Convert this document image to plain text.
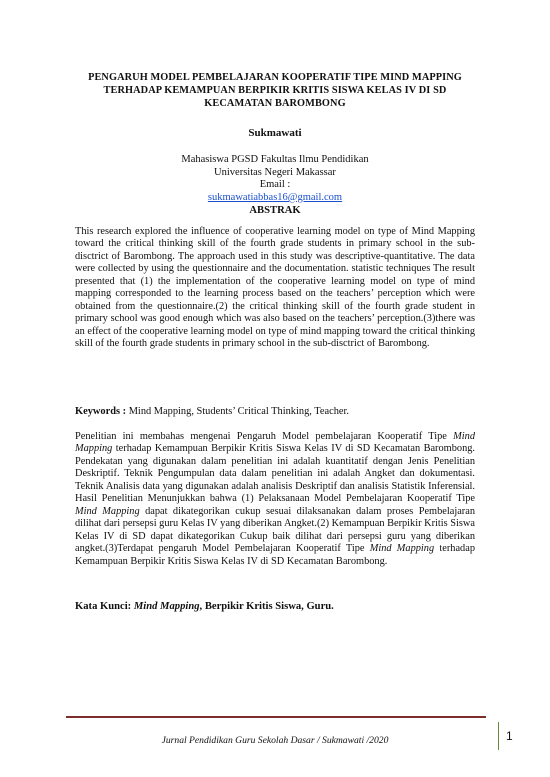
PENGARUH MODEL PEMBELAJARAN KOOPERATIF TIPE MIND MAPPING
TERHADAP KEMAMPUAN BERPIKIR KRITIS SISWA KELAS IV DI SD
KECAMATAN BAROMBONG
Sukmawati
Mahasiswa PGSD Fakultas Ilmu Pendidikan
Universitas Negeri Makassar
Email :
sukmawatiabbas16@gmail.com
ABSTRAK
This research explored the influence of cooperative learning model on type of Mind Mapping toward the critical thinking skill of the fourth grade students in primary school in the sub-disctrict of Barombong. The approach used in this study was descriptive-quantitative. The data were collected by using the questionnaire and the documentation. statistic techniques The result presented that (1) the implementation of the cooperative learning model on type of mind mapping corresponded to the learning process based on the teachers’ perception which were obtained from the questionnaire.(2) the critical thinking skill of the fourth grade student in primary school was good enough which was also based on the teachers’ perception.(3)there was an effect of the cooperative learning model on type of mind mapping toward the critical thinking skill of the fourth grade students in primary school in the sub-disctrict of Barombong.
Keywords : Mind Mapping, Students’ Critical Thinking, Teacher.
Penelitian ini membahas mengenai Pengaruh Model pembelajaran Kooperatif Tipe Mind Mapping terhadap Kemampuan Berpikir Kritis Siswa Kelas IV di SD Kecamatan Barombong. Pendekatan yang digunakan dalam penelitian ini adalah kuantitatif dengan Jenis Penelitian Deskriptif. Teknik Pengumpulan data dalam penelitian ini adalah Angket dan dokumentasi. Teknik Analisis data yang digunakan adalah analisis Deskriptif dan analisis Statistik Inferensial. Hasil Penelitian Menunjukkan bahwa (1) Pelaksanaan Model Pembelajaran Kooperatif Tipe Mind Mapping dapat dikategorikan cukup sesuai dilaksanakan dalam proses Pembelajaran dilihat dari persepsi guru Kelas IV yang diberikan Angket.(2) Kemampuan Berpikir Kritis Siswa Kelas IV di SD dapat dikategorikan Cukup baik dilihat dari persepsi guru yang diberikan angket.(3)Terdapat pengaruh Model Pembelajaran Kooperatif Tipe Mind Mapping terhadap Kemampuan Berpikir Kritis Siswa Kelas IV di SD Kecamatan Barombong.
Kata Kunci: Mind Mapping, Berpikir Kritis Siswa, Guru.
Jurnal Pendidikan Guru Sekolah Dasar / Sukmawati /2020	1
